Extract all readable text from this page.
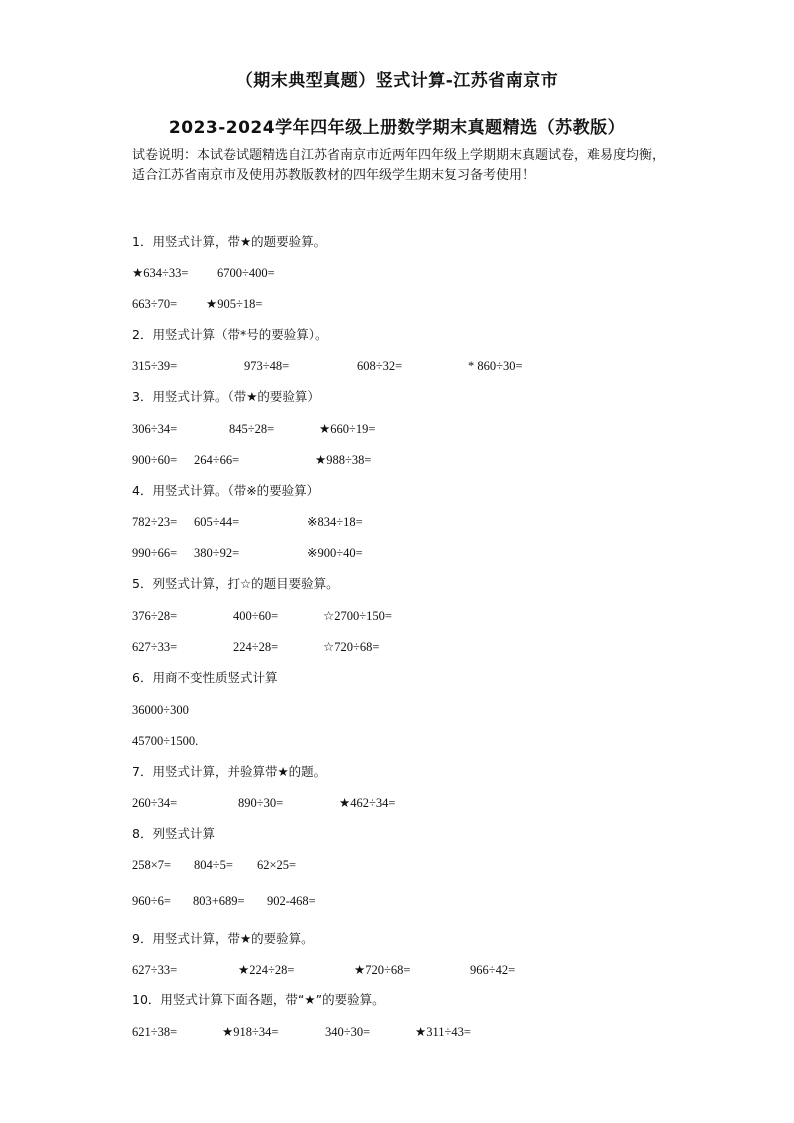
（期末典型真题）竖式计算-江苏省南京市
2023-2024学年四年级上册数学期末真题精选（苏教版）
试卷说明：本试卷试题精选自江苏省南京市近两年四年级上学期期末真题试卷，难易度均衡，适合江苏省南京市及使用苏教版教材的四年级学生期末复习备考使用！
1．用竖式计算，带★的题要验算。
★634÷33= 6700÷400=
663÷70= ★905÷18=
2．用竖式计算（带*号的要验算）。
315÷39=	973÷48=	608÷32=	* 860÷30=
3．用竖式计算。（带★的要验算）
306÷34=	845÷28=	★660÷19=
900÷60= 264÷66=	★988÷38=
4．用竖式计算。（带※的要验算）
782÷23= 605÷44=	※834÷18=
990÷66= 380÷92=	※900÷40=
5．列竖式计算，打☆的题目要验算。
376÷28=	400÷60=	☆2700÷150=
627÷33=	224÷28=	☆720÷68=
6．用商不变性质竖式计算
36000÷300
45700÷1500.
7．用竖式计算，并验算带★的题。
260÷34=	890÷30=	★462÷34=
8．列竖式计算
258×7= 804÷5= 62×25=
960÷6= 803+689= 902-468=
9．用竖式计算，带★的要验算。
627÷33=	★224÷28=	★720÷68=	966÷42=
10．用竖式计算下面各题，带“★”的要验算。
621÷38=	★918÷34=	340÷30=	★311÷43=
